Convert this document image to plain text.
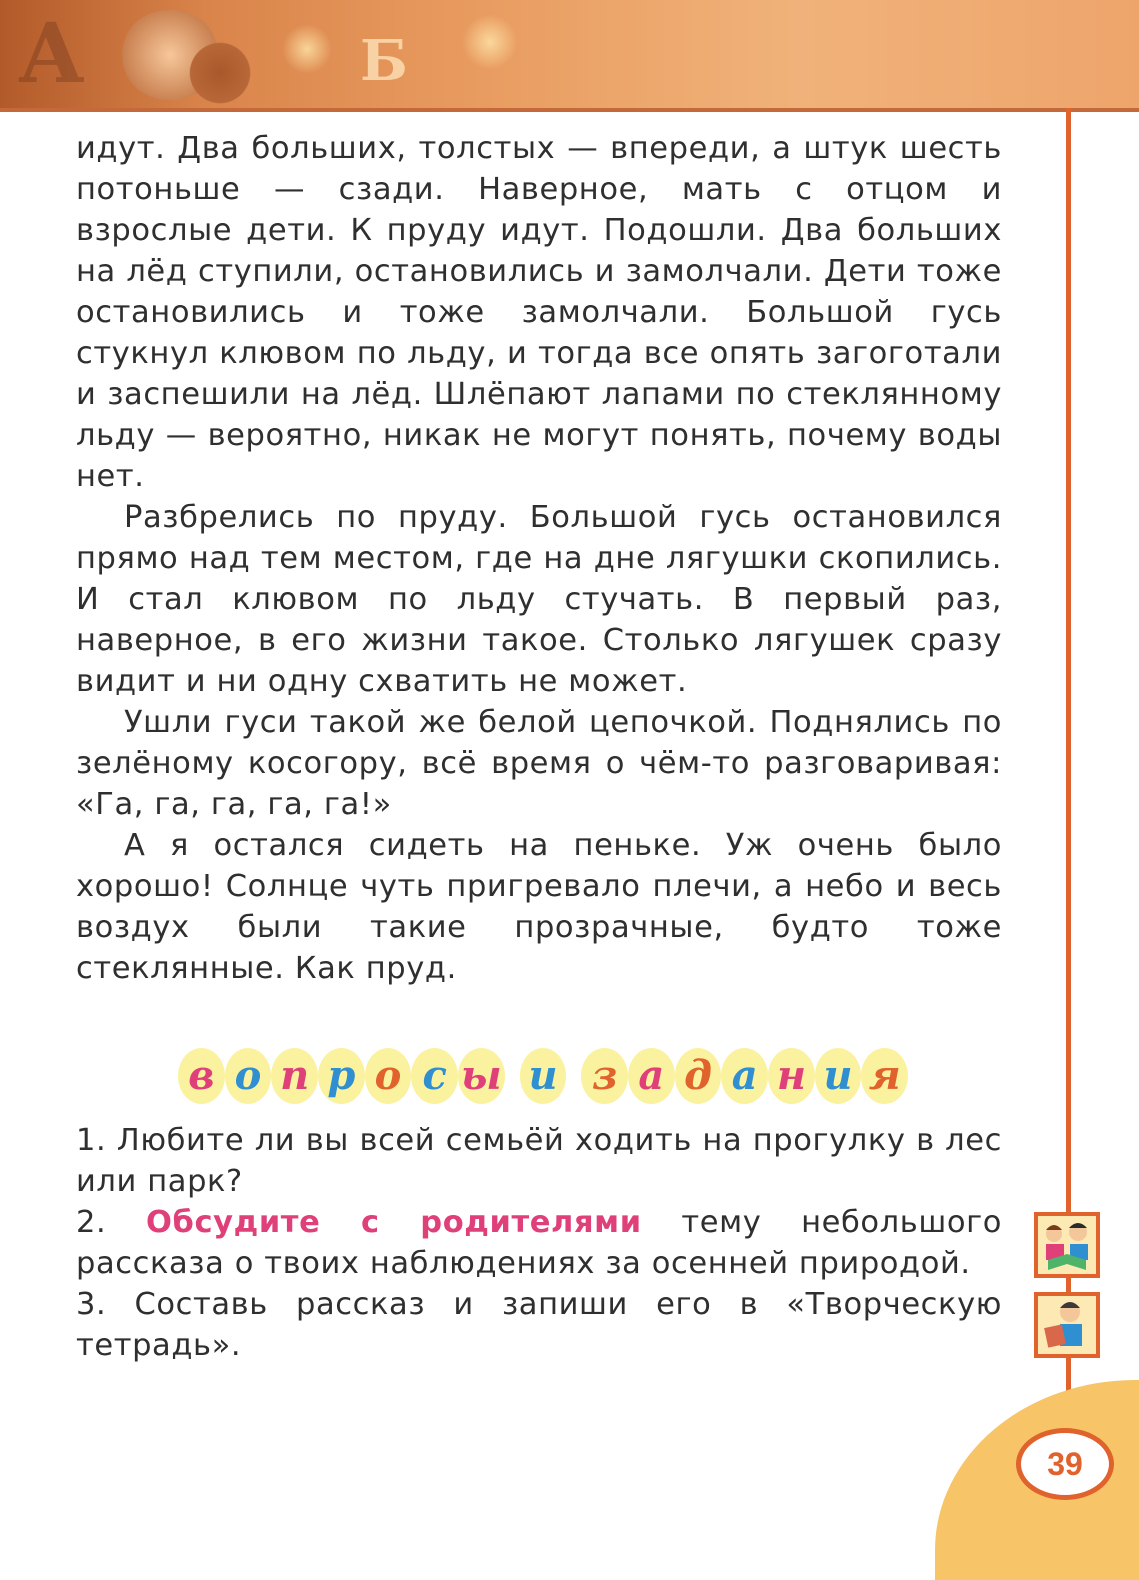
А	Б

идут. Два больших, толстых — впереди, а штук шесть потоньше — сзади. Наверное, мать с отцом и взрослые дети. К пруду идут. Подошли. Два больших на лёд ступили, остановились и замолчали. Дети тоже остановились и тоже замолчали. Большой гусь стукнул клювом по льду, и тогда все опять загоготали и заспешили на лёд. Шлёпают лапами по стеклянному льду — вероятно, никак не могут понять, почему воды нет.

Разбрелись по пруду. Большой гусь остановился прямо над тем местом, где на дне лягушки скопились. И стал клювом по льду стучать. В первый раз, наверное, в его жизни такое. Столько лягушек сразу видит и ни одну схватить не может.

Ушли гуси такой же белой цепочкой. Поднялись по зелёному косогору, всё время о чём-то разговаривая: «Га, га, га, га, га!»

А я остался сидеть на пеньке. Уж очень было хорошо! Солнце чуть пригревало плечи, а небо и весь воздух были такие прозрачные, будто тоже стеклянные. Как пруд.

в о п р о с ы и з а д а н и я

1. Любите ли вы всей семьёй ходить на прогулку в лес или парк?

2. Обсудите с родителями тему небольшого рассказа о твоих наблюдениях за осенней природой.

3. Составь рассказ и запиши его в «Творческую тетрадь».

39
